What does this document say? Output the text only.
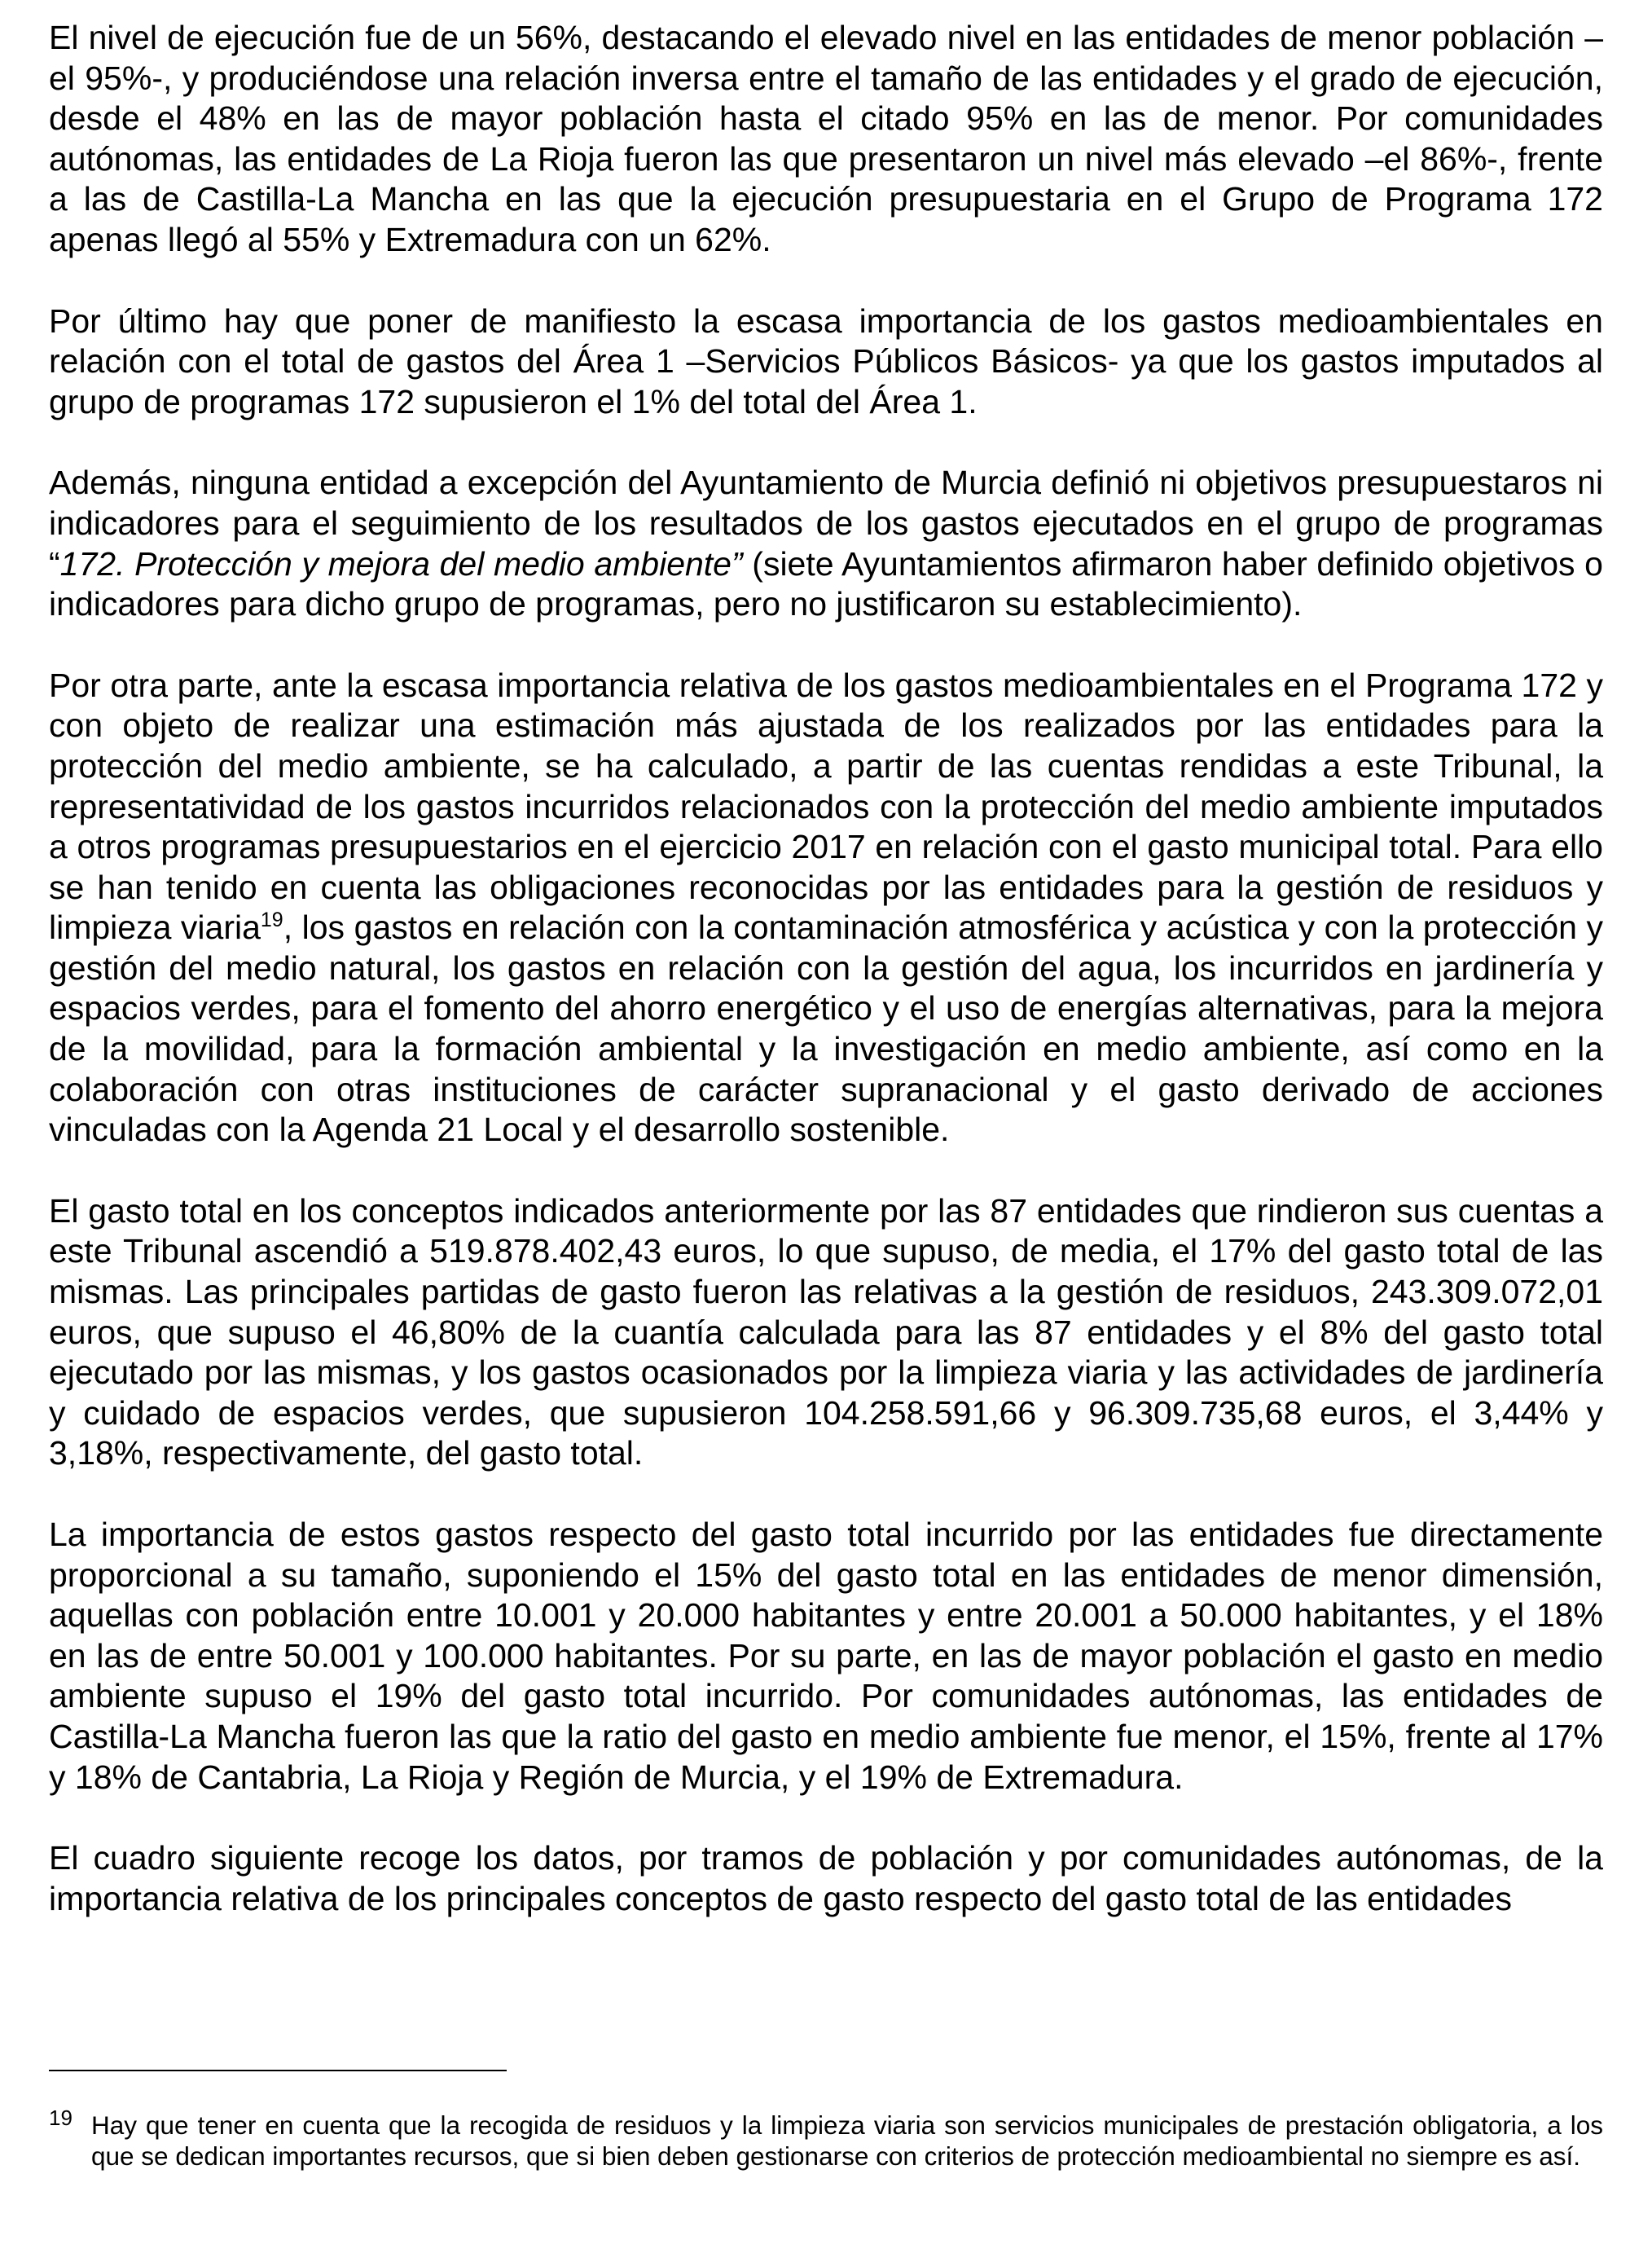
El nivel de ejecución fue de un 56%, destacando el elevado nivel en las entidades de menor población –el 95%-, y produciéndose una relación inversa entre el tamaño de las entidades y el grado de ejecución, desde el 48% en las de mayor población hasta el citado 95% en las de menor. Por comunidades autónomas, las entidades de La Rioja fueron las que presentaron un nivel más elevado –el 86%-, frente a las de Castilla-La Mancha en las que la ejecución presupuestaria en el Grupo de Programa 172 apenas llegó al 55% y Extremadura con un 62%.

Por último hay que poner de manifiesto la escasa importancia de los gastos medioambientales en relación con el total de gastos del Área 1 –Servicios Públicos Básicos- ya que los gastos imputados al grupo de programas 172 supusieron el 1% del total del Área 1.

Además, ninguna entidad a excepción del Ayuntamiento de Murcia definió ni objetivos presupuestaros ni indicadores para el seguimiento de los resultados de los gastos ejecutados en el grupo de programas “172. Protección y mejora del medio ambiente” (siete Ayuntamientos afirmaron haber definido objetivos o indicadores para dicho grupo de programas, pero no justificaron su establecimiento).

Por otra parte, ante la escasa importancia relativa de los gastos medioambientales en el Programa 172 y con objeto de realizar una estimación más ajustada de los realizados por las entidades para la protección del medio ambiente, se ha calculado, a partir de las cuentas rendidas a este Tribunal, la representatividad de los gastos incurridos relacionados con la protección del medio ambiente imputados a otros programas presupuestarios en el ejercicio 2017 en relación con el gasto municipal total. Para ello se han tenido en cuenta las obligaciones reconocidas por las entidades para la gestión de residuos y limpieza viaria$^{19}$, los gastos en relación con la contaminación atmosférica y acústica y con la protección y gestión del medio natural, los gastos en relación con la gestión del agua, los incurridos en jardinería y espacios verdes, para el fomento del ahorro energético y el uso de energías alternativas, para la mejora de la movilidad, para la formación ambiental y la investigación en medio ambiente, así como en la colaboración con otras instituciones de carácter supranacional y el gasto derivado de acciones vinculadas con la Agenda 21 Local y el desarrollo sostenible.

El gasto total en los conceptos indicados anteriormente por las 87 entidades que rindieron sus cuentas a este Tribunal ascendió a 519.878.402,43 euros, lo que supuso, de media, el 17% del gasto total de las mismas. Las principales partidas de gasto fueron las relativas a la gestión de residuos, 243.309.072,01 euros, que supuso el 46,80% de la cuantía calculada para las 87 entidades y el 8% del gasto total ejecutado por las mismas, y los gastos ocasionados por la limpieza viaria y las actividades de jardinería y cuidado de espacios verdes, que supusieron 104.258.591,66 y 96.309.735,68 euros, el 3,44% y 3,18%, respectivamente, del gasto total.

La importancia de estos gastos respecto del gasto total incurrido por las entidades fue directamente proporcional a su tamaño, suponiendo el 15% del gasto total en las entidades de menor dimensión, aquellas con población entre 10.001 y 20.000 habitantes y entre 20.001 a 50.000 habitantes, y el 18% en las de entre 50.001 y 100.000 habitantes. Por su parte, en las de mayor población el gasto en medio ambiente supuso el 19% del gasto total incurrido. Por comunidades autónomas, las entidades de Castilla-La Mancha fueron las que la ratio del gasto en medio ambiente fue menor, el 15%, frente al 17% y 18% de Cantabria, La Rioja y Región de Murcia, y el 19% de Extremadura.

El cuadro siguiente recoge los datos, por tramos de población y por comunidades autónomas, de la importancia relativa de los principales conceptos de gasto respecto del gasto total de las entidades

19 Hay que tener en cuenta que la recogida de residuos y la limpieza viaria son servicios municipales de prestación obligatoria, a los que se dedican importantes recursos, que si bien deben gestionarse con criterios de protección medioambiental no siempre es así.
